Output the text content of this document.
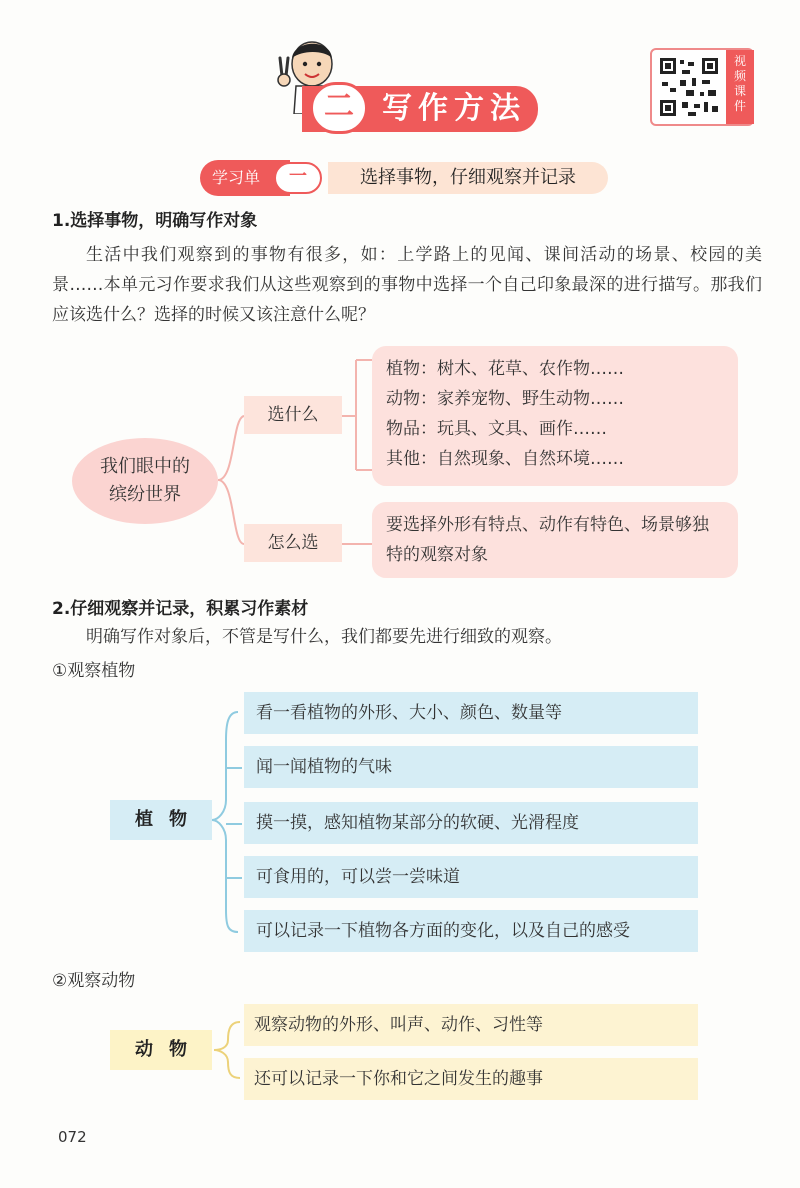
二 写作方法
视
频
课
件
学习单	一	选择事物，仔细观察并记录
1.选择事物，明确写作对象
生活中我们观察到的事物有很多，如：上学路上的见闻、课间活动的场景、校园的美景……本单元习作要求我们从这些观察到的事物中选择一个自己印象最深的进行描写。那我们应该选什么？选择的时候又该注意什么呢？
我们眼中的
缤纷世界
选什么
怎么选
植物：树木、花草、农作物……
动物：家养宠物、野生动物……
物品：玩具、文具、画作……
其他：自然现象、自然环境……
要选择外形有特点、动作有特色、场景够独特的观察对象
2.仔细观察并记录，积累习作素材
明确写作对象后，不管是写什么，我们都要先进行细致的观察。
①观察植物
植物
看一看植物的外形、大小、颜色、数量等
闻一闻植物的气味
摸一摸，感知植物某部分的软硬、光滑程度
可食用的，可以尝一尝味道
可以记录一下植物各方面的变化，以及自己的感受
②观察动物
动物
观察动物的外形、叫声、动作、习性等
还可以记录一下你和它之间发生的趣事
072
